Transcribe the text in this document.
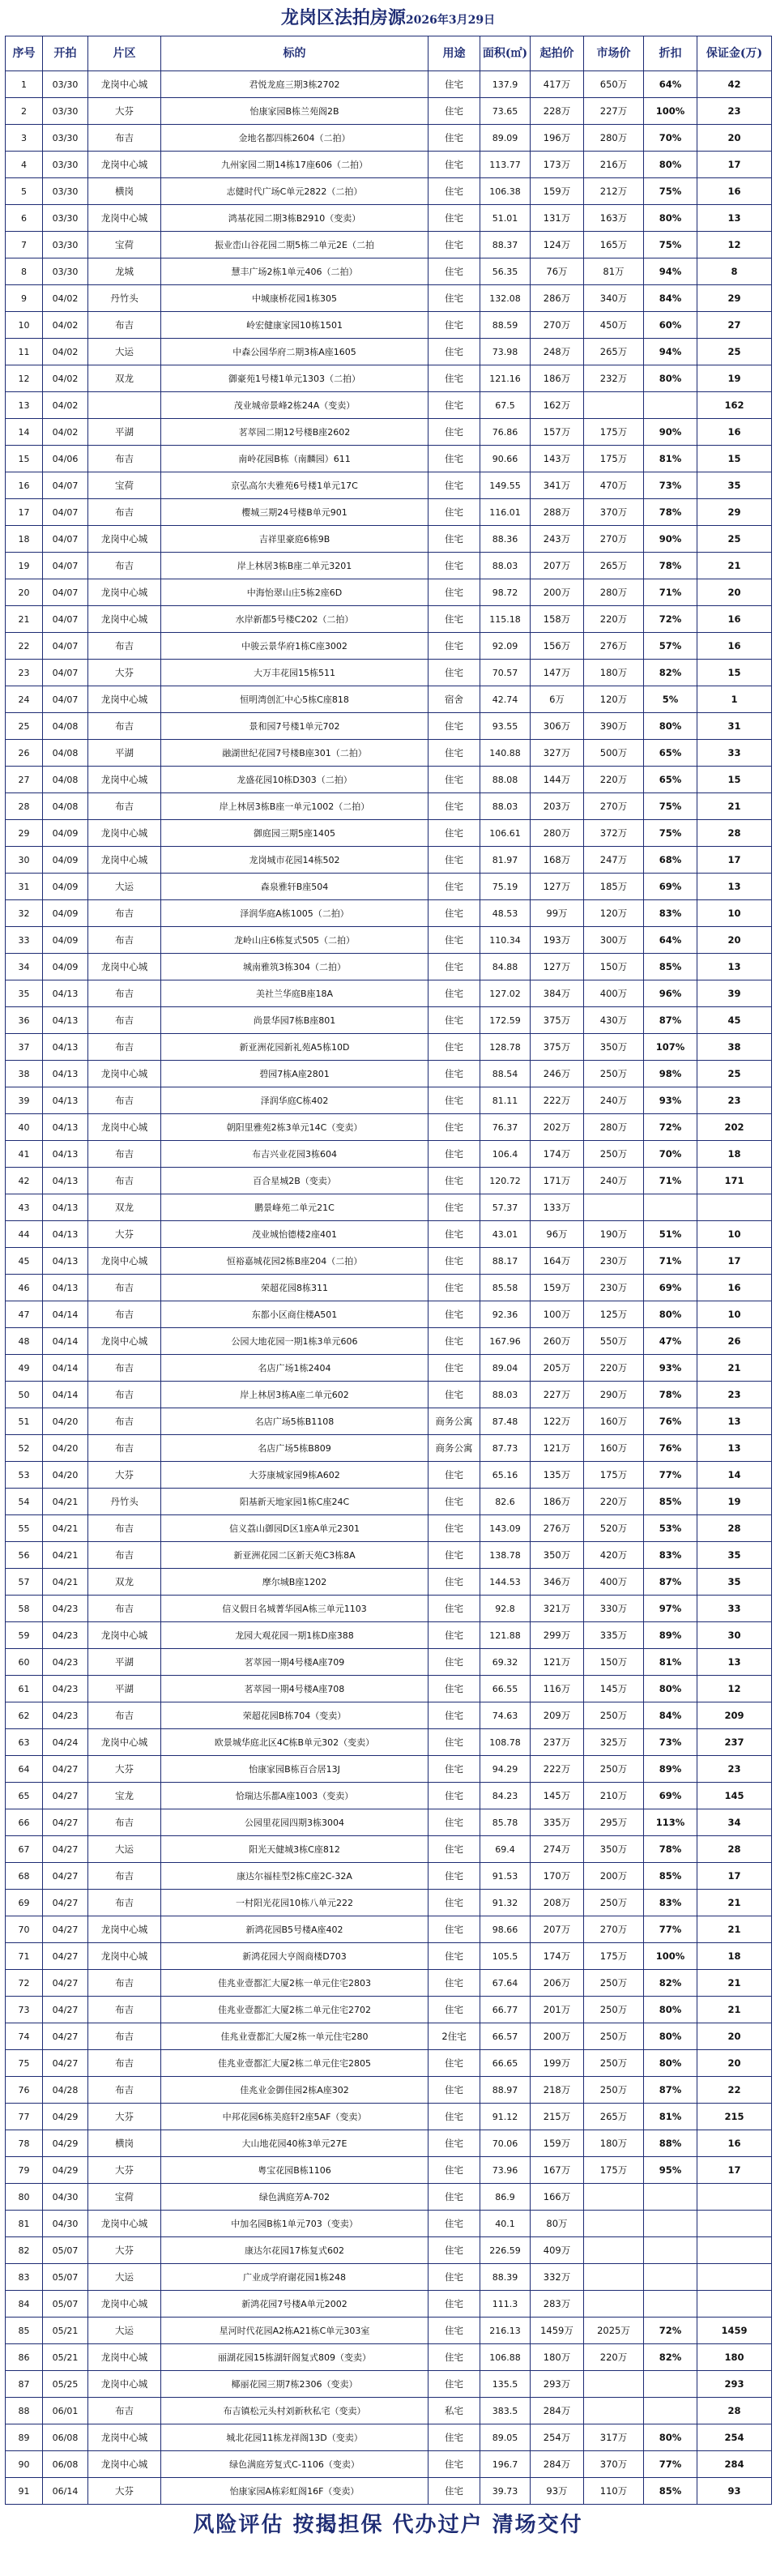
龙岗区法拍房源2026年3月29日
序号	开拍	片区	标的	用途	面积(㎡)	起拍价	市场价	折扣	保证金(万)
1	03/30	龙岗中心城	君悦龙庭三期3栋2702	住宅	137.9	417万	650万	64%	42
2	03/30	大芬	怡康家园B栋兰苑阁2B	住宅	73.65	228万	227万	100%	23
3	03/30	布吉	金地名都四栋2604（二拍）	住宅	89.09	196万	280万	70%	20
4	03/30	龙岗中心城	九州家园二期14栋17座606（二拍）	住宅	113.77	173万	216万	80%	17
5	03/30	横岗	志健时代广场C单元2822（二拍）	住宅	106.38	159万	212万	75%	16
6	03/30	龙岗中心城	鸿基花园二期3栋B2910（变卖）	住宅	51.01	131万	163万	80%	13
7	03/30	宝荷	振业峦山谷花园二期5栋二单元2E（二拍	住宅	88.37	124万	165万	75%	12
8	03/30	龙城	慧丰广场2栋1单元406（二拍）	住宅	56.35	76万	81万	94%	8
9	04/02	丹竹头	中城康桥花园1栋305	住宅	132.08	286万	340万	84%	29
10	04/02	布吉	岭宏健康家园10栋1501	住宅	88.59	270万	450万	60%	27
11	04/02	大运	中森公园华府二期3栋A座1605	住宅	73.98	248万	265万	94%	25
12	04/02	双龙	御豪苑1号楼1单元1303（二拍）	住宅	121.16	186万	232万	80%	19
13	04/02		茂业城帝景峰2栋24A（变卖）	住宅	67.5	162万			162
14	04/02	平湖	茗萃园二期12号楼B座2602	住宅	76.86	157万	175万	90%	16
15	04/06	布吉	南岭花园B栋（南麟园）611	住宅	90.66	143万	175万	81%	15
16	04/07	宝荷	京弘高尔夫雅苑6号楼1单元17C	住宅	149.55	341万	470万	73%	35
17	04/07	布吉	樱城三期24号楼B单元901	住宅	116.01	288万	370万	78%	29
18	04/07	龙岗中心城	吉祥里豪庭6栋9B	住宅	88.36	243万	270万	90%	25
19	04/07	布吉	岸上林居3栋B座二单元3201	住宅	88.03	207万	265万	78%	21
20	04/07	龙岗中心城	中海怡翠山庄5栋2座6D	住宅	98.72	200万	280万	71%	20
21	04/07	龙岗中心城	水岸新都5号楼C202（二拍）	住宅	115.18	158万	220万	72%	16
22	04/07	布吉	中骏云景华府1栋C座3002	住宅	92.09	156万	276万	57%	16
23	04/07	大芬	大万丰花园15栋511	住宅	70.57	147万	180万	82%	15
24	04/07	龙岗中心城	恒明湾创汇中心5栋C座818	宿舍	42.74	6万	120万	5%	1
25	04/08	布吉	景和园7号楼1单元702	住宅	93.55	306万	390万	80%	31
26	04/08	平湖	融湖世纪花园7号楼B座301（二拍）	住宅	140.88	327万	500万	65%	33
27	04/08	龙岗中心城	龙盛花园10栋D303（二拍）	住宅	88.08	144万	220万	65%	15
28	04/08	布吉	岸上林居3栋B座一单元1002（二拍）	住宅	88.03	203万	270万	75%	21
29	04/09	龙岗中心城	御庭园三期5座1405	住宅	106.61	280万	372万	75%	28
30	04/09	龙岗中心城	龙岗城市花园14栋502	住宅	81.97	168万	247万	68%	17
31	04/09	大运	森泉雅轩B座504	住宅	75.19	127万	185万	69%	13
32	04/09	布吉	泽润华庭A栋1005（二拍）	住宅	48.53	99万	120万	83%	10
33	04/09	布吉	龙岭山庄6栋复式505（二拍）	住宅	110.34	193万	300万	64%	20
34	04/09	龙岗中心城	城南雅筑3栋304（二拍）	住宅	84.88	127万	150万	85%	13
35	04/13	布吉	美社兰华庭B座18A	住宅	127.02	384万	400万	96%	39
36	04/13	布吉	尚景华园7栋B座801	住宅	172.59	375万	430万	87%	45
37	04/13	布吉	新亚洲花园新礼苑A5栋10D	住宅	128.78	375万	350万	107%	38
38	04/13	龙岗中心城	碧园7栋A座2801	住宅	88.54	246万	250万	98%	25
39	04/13	布吉	泽润华庭C栋402	住宅	81.11	222万	240万	93%	23
40	04/13	龙岗中心城	朝阳里雅苑2栋3单元14C（变卖）	住宅	76.37	202万	280万	72%	202
41	04/13	布吉	布吉兴业花园3栋604	住宅	106.4	174万	250万	70%	18
42	04/13	布吉	百合星城2B（变卖）	住宅	120.72	171万	240万	71%	171
43	04/13	双龙	鹏景峰苑二单元21C	住宅	57.37	133万			
44	04/13	大芬	茂业城怡德楼2座401	住宅	43.01	96万	190万	51%	10
45	04/13	龙岗中心城	恒裕嘉城花园2栋B座204（二拍）	住宅	88.17	164万	230万	71%	17
46	04/13	布吉	荣超花园8栋311	住宅	85.58	159万	230万	69%	16
47	04/14	布吉	东都小区商住楼A501	住宅	92.36	100万	125万	80%	10
48	04/14	龙岗中心城	公园大地花园一期1栋3单元606	住宅	167.96	260万	550万	47%	26
49	04/14	布吉	名店广场1栋2404	住宅	89.04	205万	220万	93%	21
50	04/14	布吉	岸上林居3栋A座二单元602	住宅	88.03	227万	290万	78%	23
51	04/20	布吉	名店广场5栋B1108	商务公寓	87.48	122万	160万	76%	13
52	04/20	布吉	名店广场5栋B809	商务公寓	87.73	121万	160万	76%	13
53	04/20	大芬	大芬康城家园9栋A602	住宅	65.16	135万	175万	77%	14
54	04/21	丹竹头	阳基新天地家园1栋C座24C	住宅	82.6	186万	220万	85%	19
55	04/21	布吉	信义荔山御园D区1座A单元2301	住宅	143.09	276万	520万	53%	28
56	04/21	布吉	新亚洲花园二区新天苑C3栋8A	住宅	138.78	350万	420万	83%	35
57	04/21	双龙	摩尔城B座1202	住宅	144.53	346万	400万	87%	35
58	04/23	布吉	信义假日名城菁华园A栋三单元1103	住宅	92.8	321万	330万	97%	33
59	04/23	龙岗中心城	龙园大观花园一期1栋D座388	住宅	121.88	299万	335万	89%	30
60	04/23	平湖	茗萃园一期4号楼A座709	住宅	69.32	121万	150万	81%	13
61	04/23	平湖	茗萃园一期4号楼A座708	住宅	66.55	116万	145万	80%	12
62	04/23	布吉	荣超花园B栋704（变卖）	住宅	74.63	209万	250万	84%	209
63	04/24	龙岗中心城	欧景城华庭北区4C栋B单元302（变卖）	住宅	108.78	237万	325万	73%	237
64	04/27	大芬	怡康家园B栋百合居13J	住宅	94.29	222万	250万	89%	23
65	04/27	宝龙	恰瑞达乐都A座1003（变卖）	住宅	84.23	145万	210万	69%	145
66	04/27	布吉	公园里花园四期3栋3004	住宅	85.78	335万	295万	113%	34
67	04/27	大运	阳光天健城3栋C座812	住宅	69.4	274万	350万	78%	28
68	04/27	布吉	康达尔福桂型2栋C座2C-32A	住宅	91.53	170万	200万	85%	17
69	04/27	布吉	一村阳光花园10栋八单元222	住宅	91.32	208万	250万	83%	21
70	04/27	龙岗中心城	新鸿花园B5号楼A座402	住宅	98.66	207万	270万	77%	21
71	04/27	龙岗中心城	新鸿花园大亨阁商楼D703	住宅	105.5	174万	175万	100%	18
72	04/27	布吉	佳兆业壹都汇大厦2栋一单元住宅2803	住宅	67.64	206万	250万	82%	21
73	04/27	布吉	佳兆业壹都汇大厦2栋二单元住宅2702	住宅	66.77	201万	250万	80%	21
74	04/27	布吉	佳兆业壹都汇大厦2栋一单元住宅280	2住宅	66.57	200万	250万	80%	20
75	04/27	布吉	佳兆业壹都汇大厦2栋二单元住宅2805	住宅	66.65	199万	250万	80%	20
76	04/28	布吉	佳兆业金御佳园2栋A座302	住宅	88.97	218万	250万	87%	22
77	04/29	大芬	中邦花园6栋美庭轩2座5AF（变卖）	住宅	91.12	215万	265万	81%	215
78	04/29	横岗	大山地花园40栋3单元27E	住宅	70.06	159万	180万	88%	16
79	04/29	大芬	粤宝花园B栋1106	住宅	73.96	167万	175万	95%	17
80	04/30	宝荷	绿色满庭芳A-702	住宅	86.9	166万			
81	04/30	龙岗中心城	中加名园B栋1单元703（变卖）	住宅	40.1	80万			
82	05/07	大芬	康达尔花园17栋复式602	住宅	226.59	409万			
83	05/07	大运	广业成学府谢花园1栋248	住宅	88.39	332万			
84	05/07	龙岗中心城	新鸿花园7号楼A单元2002	住宅	111.3	283万			
85	05/21	大运	星河时代花园A2栋A21栋C单元303室	住宅	216.13	1459万	2025万	72%	1459
86	05/21	龙岗中心城	丽湖花园15栋湖轩阁复式809（变卖）	住宅	106.88	180万	220万	82%	180
87	05/25	龙岗中心城	椰丽花园三期7栋2306（变卖）	住宅	135.5	293万			293
88	06/01	布吉	布吉镇松元头村刘新秋私宅（变卖）	私宅	383.5	284万			28
89	06/08	龙岗中心城	城北花园11栋龙祥阁13D（变卖）	住宅	89.05	254万	317万	80%	254
90	06/08	龙岗中心城	绿色满庭芳复式C-1106（变卖）	住宅	196.7	284万	370万	77%	284
91	06/14	大芬	怡康家园A栋彩虹阁16F（变卖）	住宅	39.73	93万	110万	85%	93
风险评估 按揭担保 代办过户 清场交付
